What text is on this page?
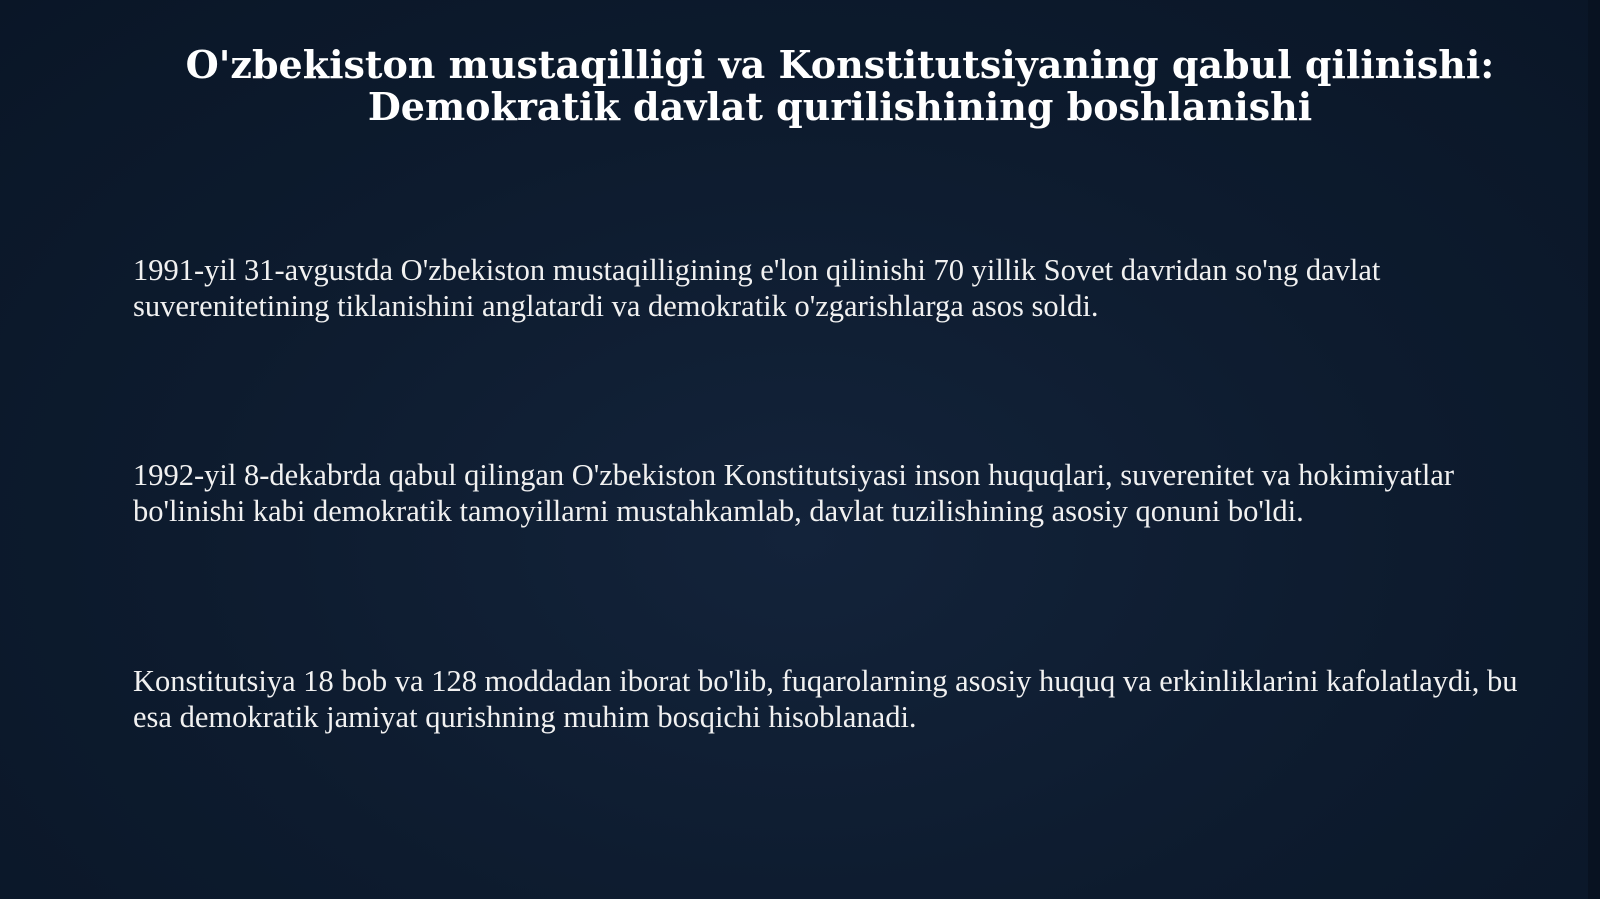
O'zbekiston mustaqilligi va Konstitutsiyaning qabul qilinishi: Demokratik davlat qurilishining boshlanishi

1991-yil 31-avgustda O'zbekiston mustaqilligining e'lon qilinishi 70 yillik Sovet davridan so'ng davlat suverenitetining tiklanishini anglatardi va demokratik o'zgarishlarga asos soldi.

1992-yil 8-dekabrda qabul qilingan O'zbekiston Konstitutsiyasi inson huquqlari, suverenitet va hokimiyatlar bo'linishi kabi demokratik tamoyillarni mustahkamlab, davlat tuzilishining asosiy qonuni bo'ldi.

Konstitutsiya 18 bob va 128 moddadan iborat bo'lib, fuqarolarning asosiy huquq va erkinliklarini kafolatlaydi, bu esa demokratik jamiyat qurishning muhim bosqichi hisoblanadi.
